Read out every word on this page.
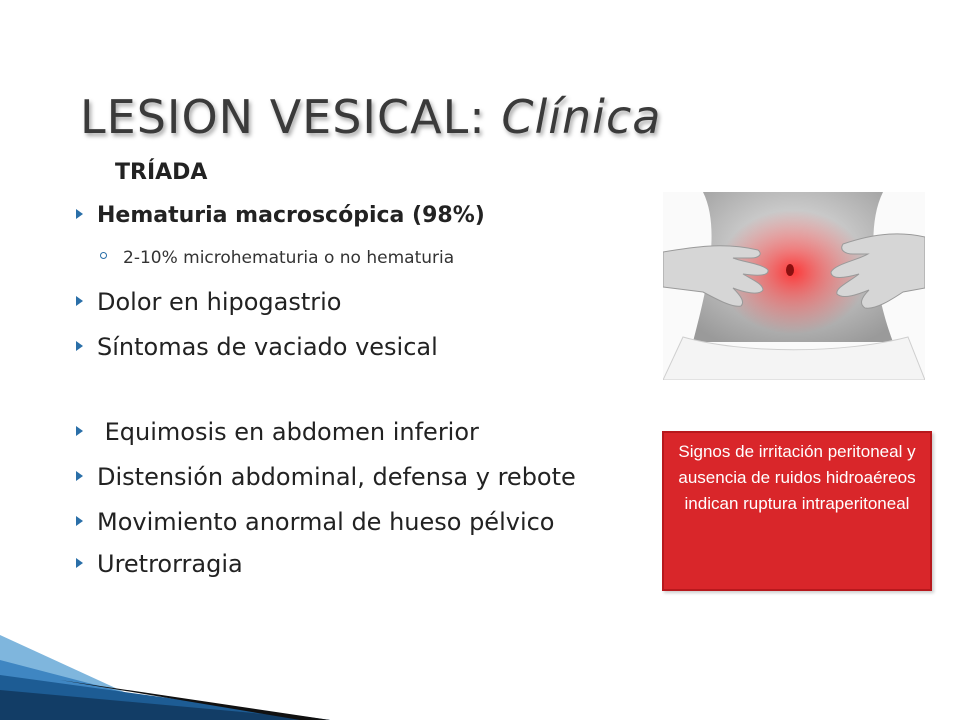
LESION VESICAL: Clínica
TRÍADA
Hematuria macroscópica (98%)
2-10% microhematuria o no hematuria
Dolor en hipogastrio
Síntomas de vaciado vesical
Equimosis en abdomen inferior
Distensión abdominal, defensa y rebote
Movimiento anormal de hueso pélvico
Uretrorragia
Signos de irritación peritoneal y ausencia de ruidos hidroaéreos indican ruptura intraperitoneal
